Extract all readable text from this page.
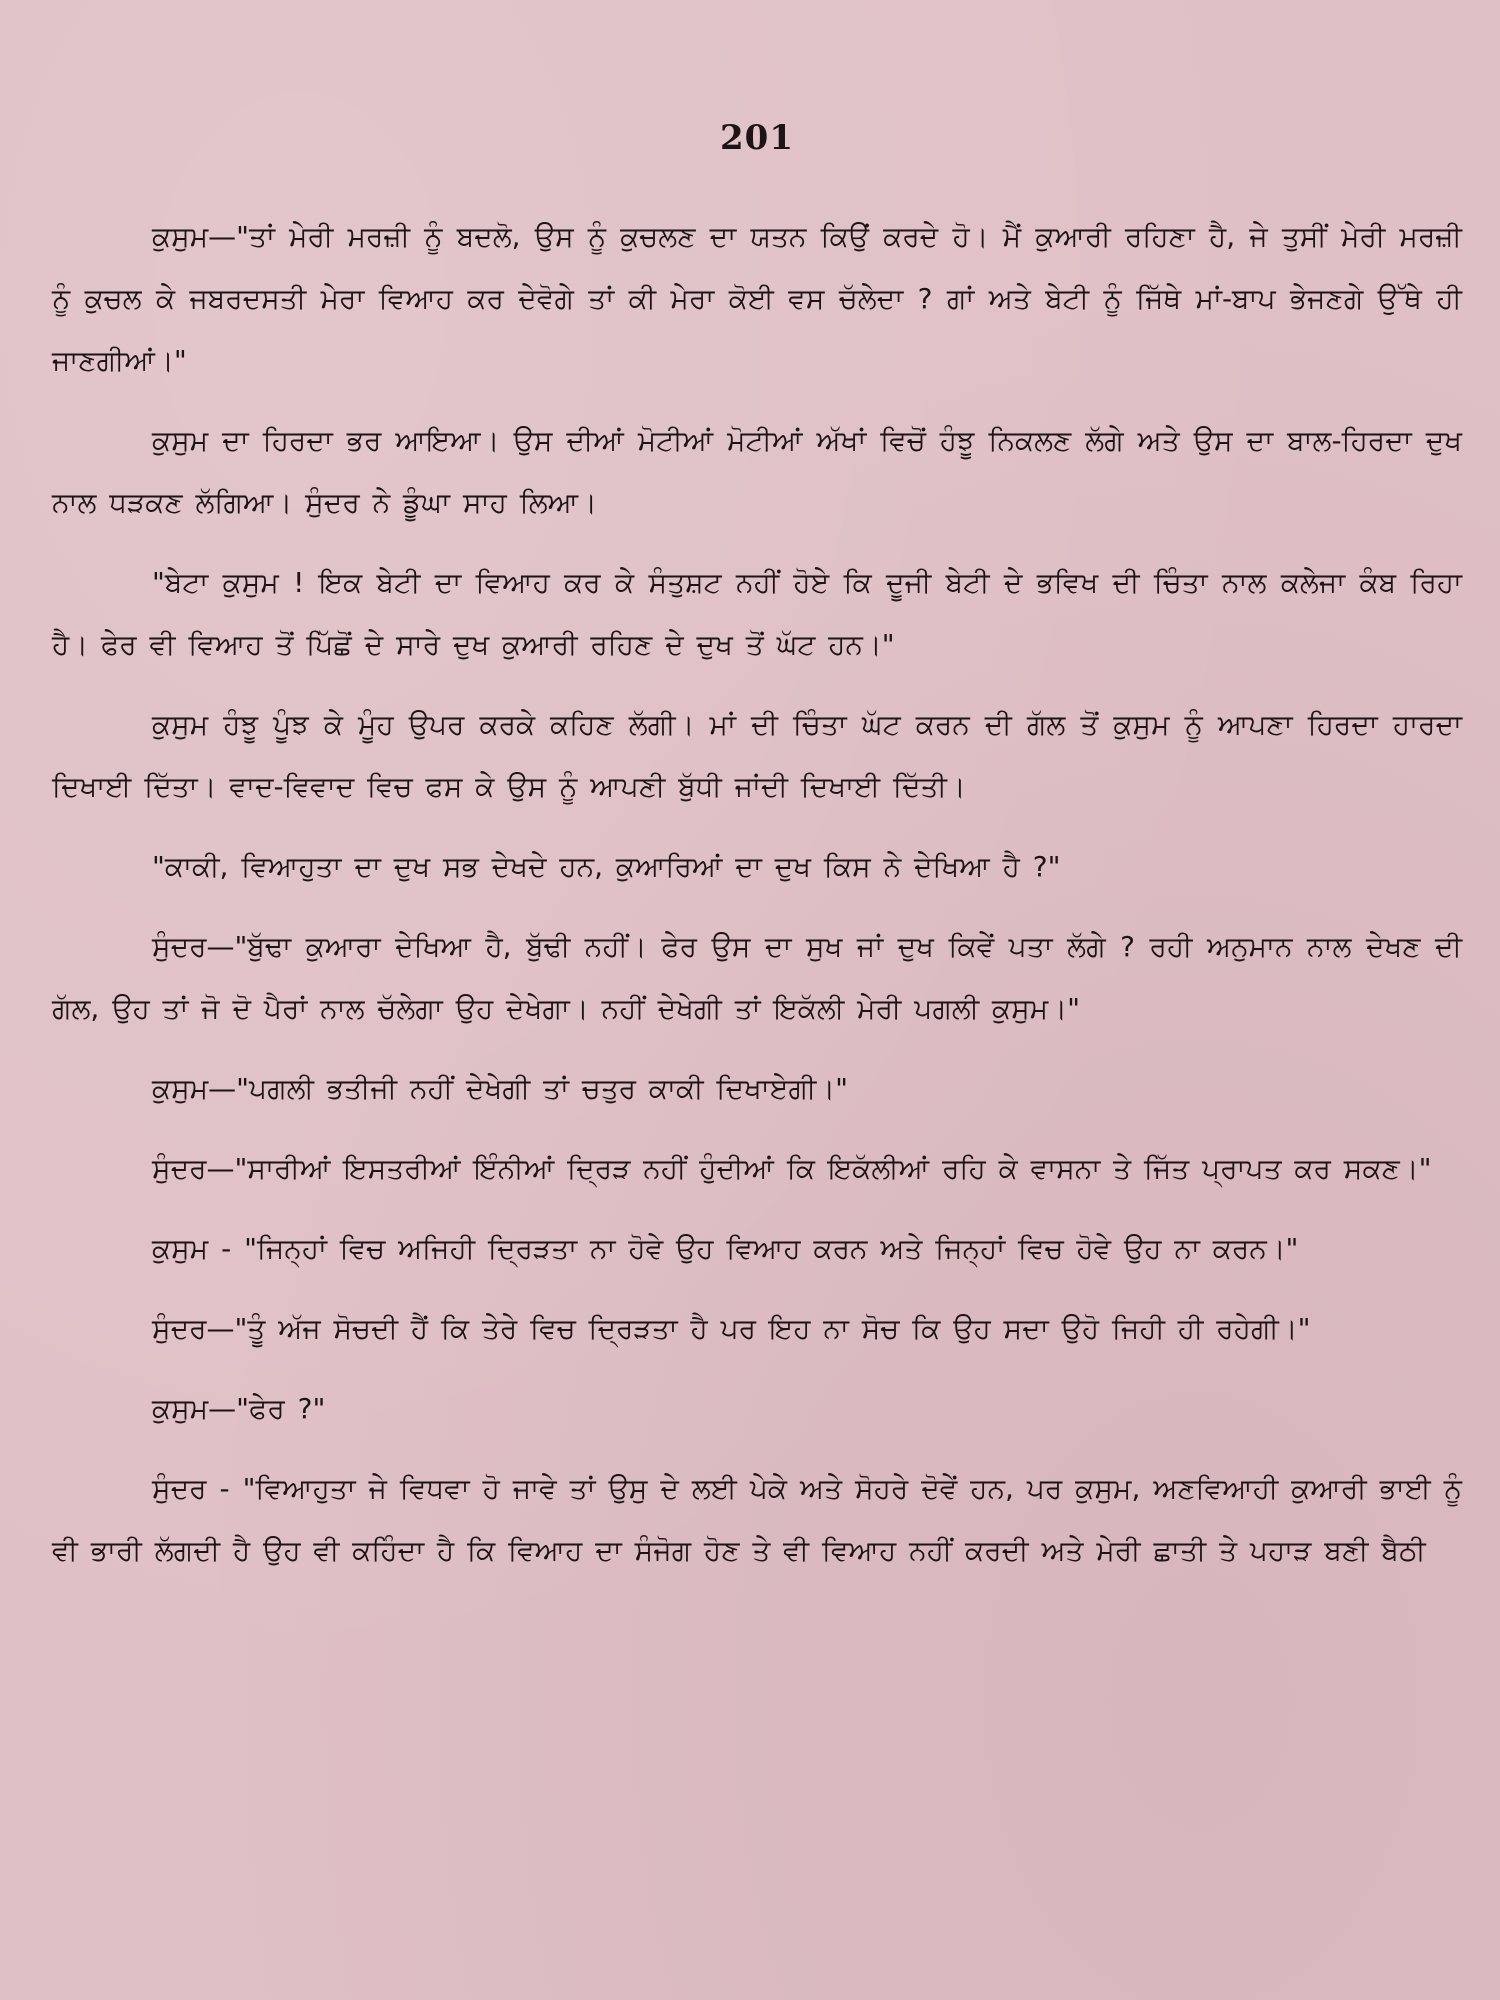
201

ਕੁਸੁਮ—"ਤਾਂ ਮੇਰੀ ਮਰਜ਼ੀ ਨੂੰ ਬਦਲੋ, ਉਸ ਨੂੰ ਕੁਚਲਣ ਦਾ ਯਤਨ ਕਿਉਂ ਕਰਦੇ ਹੋ। ਮੈਂ ਕੁਆਰੀ ਰਹਿਣਾ ਹੈ, ਜੇ ਤੁਸੀਂ ਮੇਰੀ ਮਰਜ਼ੀ ਨੂੰ ਕੁਚਲ ਕੇ ਜਬਰਦਸਤੀ ਮੇਰਾ ਵਿਆਹ ਕਰ ਦੇਵੋਗੇ ਤਾਂ ਕੀ ਮੇਰਾ ਕੋਈ ਵਸ ਚੱਲੇਦਾ ? ਗਾਂ ਅਤੇ ਬੇਟੀ ਨੂੰ ਜਿੱਥੇ ਮਾਂ-ਬਾਪ ਭੇਜਣਗੇ ਉੱਥੇ ਹੀ ਜਾਣਗੀਆਂ।"

ਕੁਸੁਮ ਦਾ ਹਿਰਦਾ ਭਰ ਆਇਆ। ਉਸ ਦੀਆਂ ਮੋਟੀਆਂ ਮੋਟੀਆਂ ਅੱਖਾਂ ਵਿਚੋਂ ਹੰਝੂ ਨਿਕਲਣ ਲੱਗੇ ਅਤੇ ਉਸ ਦਾ ਬਾਲ-ਹਿਰਦਾ ਦੁਖ ਨਾਲ ਧੜਕਣ ਲੱਗਿਆ। ਸੁੰਦਰ ਨੇ ਡੂੰਘਾ ਸਾਹ ਲਿਆ।

"ਬੇਟਾ ਕੁਸੁਮ ! ਇਕ ਬੇਟੀ ਦਾ ਵਿਆਹ ਕਰ ਕੇ ਸੰਤੁਸ਼ਟ ਨਹੀਂ ਹੋਏ ਕਿ ਦੂਜੀ ਬੇਟੀ ਦੇ ਭਵਿਖ ਦੀ ਚਿੰਤਾ ਨਾਲ ਕਲੇਜਾ ਕੰਬ ਰਿਹਾ ਹੈ। ਫੇਰ ਵੀ ਵਿਆਹ ਤੋਂ ਪਿੱਛੋਂ ਦੇ ਸਾਰੇ ਦੁਖ ਕੁਆਰੀ ਰਹਿਣ ਦੇ ਦੁਖ ਤੋਂ ਘੱਟ ਹਨ।"

ਕੁਸੁਮ ਹੰਝੂ ਪੂੰਝ ਕੇ ਮੂੰਹ ਉਪਰ ਕਰਕੇ ਕਹਿਣ ਲੱਗੀ। ਮਾਂ ਦੀ ਚਿੰਤਾ ਘੱਟ ਕਰਨ ਦੀ ਗੱਲ ਤੋਂ ਕੁਸੁਮ ਨੂੰ ਆਪਣਾ ਹਿਰਦਾ ਹਾਰਦਾ ਦਿਖਾਈ ਦਿੱਤਾ। ਵਾਦ-ਵਿਵਾਦ ਵਿਚ ਫਸ ਕੇ ਉਸ ਨੂੰ ਆਪਣੀ ਬੁੱਧੀ ਜਾਂਦੀ ਦਿਖਾਈ ਦਿੱਤੀ।

"ਕਾਕੀ, ਵਿਆਹੁਤਾ ਦਾ ਦੁਖ ਸਭ ਦੇਖਦੇ ਹਨ, ਕੁਆਰਿਆਂ ਦਾ ਦੁਖ ਕਿਸ ਨੇ ਦੇਖਿਆ ਹੈ ?"

ਸੁੰਦਰ—"ਬੁੱਢਾ ਕੁਆਰਾ ਦੇਖਿਆ ਹੈ, ਬੁੱਢੀ ਨਹੀਂ। ਫੇਰ ਉਸ ਦਾ ਸੁਖ ਜਾਂ ਦੁਖ ਕਿਵੇਂ ਪਤਾ ਲੱਗੇ ? ਰਹੀ ਅਨੁਮਾਨ ਨਾਲ ਦੇਖਣ ਦੀ ਗੱਲ, ਉਹ ਤਾਂ ਜੋ ਦੋ ਪੈਰਾਂ ਨਾਲ ਚੱਲੇਗਾ ਉਹ ਦੇਖੇਗਾ। ਨਹੀਂ ਦੇਖੇਗੀ ਤਾਂ ਇਕੱਲੀ ਮੇਰੀ ਪਗਲੀ ਕੁਸੁਮ।"

ਕੁਸੁਮ—"ਪਗਲੀ ਭਤੀਜੀ ਨਹੀਂ ਦੇਖੇਗੀ ਤਾਂ ਚਤੁਰ ਕਾਕੀ ਦਿਖਾਏਗੀ।"

ਸੁੰਦਰ—"ਸਾਰੀਆਂ ਇਸਤਰੀਆਂ ਇੰਨੀਆਂ ਦ੍ਰਿੜ ਨਹੀਂ ਹੁੰਦੀਆਂ ਕਿ ਇਕੱਲੀਆਂ ਰਹਿ ਕੇ ਵਾਸਨਾ ਤੇ ਜਿੱਤ ਪ੍ਰਾਪਤ ਕਰ ਸਕਣ।"

ਕੁਸੁਮ - "ਜਿਨ੍ਹਾਂ ਵਿਚ ਅਜਿਹੀ ਦ੍ਰਿੜਤਾ ਨਾ ਹੋਵੇ ਉਹ ਵਿਆਹ ਕਰਨ ਅਤੇ ਜਿਨ੍ਹਾਂ ਵਿਚ ਹੋਵੇ ਉਹ ਨਾ ਕਰਨ।"

ਸੁੰਦਰ—"ਤੂੰ ਅੱਜ ਸੋਚਦੀ ਹੈਂ ਕਿ ਤੇਰੇ ਵਿਚ ਦ੍ਰਿੜਤਾ ਹੈ ਪਰ ਇਹ ਨਾ ਸੋਚ ਕਿ ਉਹ ਸਦਾ ਉਹੋ ਜਿਹੀ ਹੀ ਰਹੇਗੀ।"

ਕੁਸੁਮ—"ਫੇਰ ?"

ਸੁੰਦਰ - "ਵਿਆਹੁਤਾ ਜੇ ਵਿਧਵਾ ਹੋ ਜਾਵੇ ਤਾਂ ਉਸੁ ਦੇ ਲਈ ਪੇਕੇ ਅਤੇ ਸੋਹਰੇ ਦੋਵੇਂ ਹਨ, ਪਰ ਕੁਸੁਮ, ਅਣਵਿਆਹੀ ਕੁਆਰੀ ਭਾਈ ਨੂੰ ਵੀ ਭਾਰੀ ਲੱਗਦੀ ਹੈ ਉਹ ਵੀ ਕਹਿੰਦਾ ਹੈ ਕਿ ਵਿਆਹ ਦਾ ਸੰਜੋਗ ਹੋਣ ਤੇ ਵੀ ਵਿਆਹ ਨਹੀਂ ਕਰਦੀ ਅਤੇ ਮੇਰੀ ਛਾਤੀ ਤੇ ਪਹਾੜ ਬਣੀ ਬੈਠੀ
